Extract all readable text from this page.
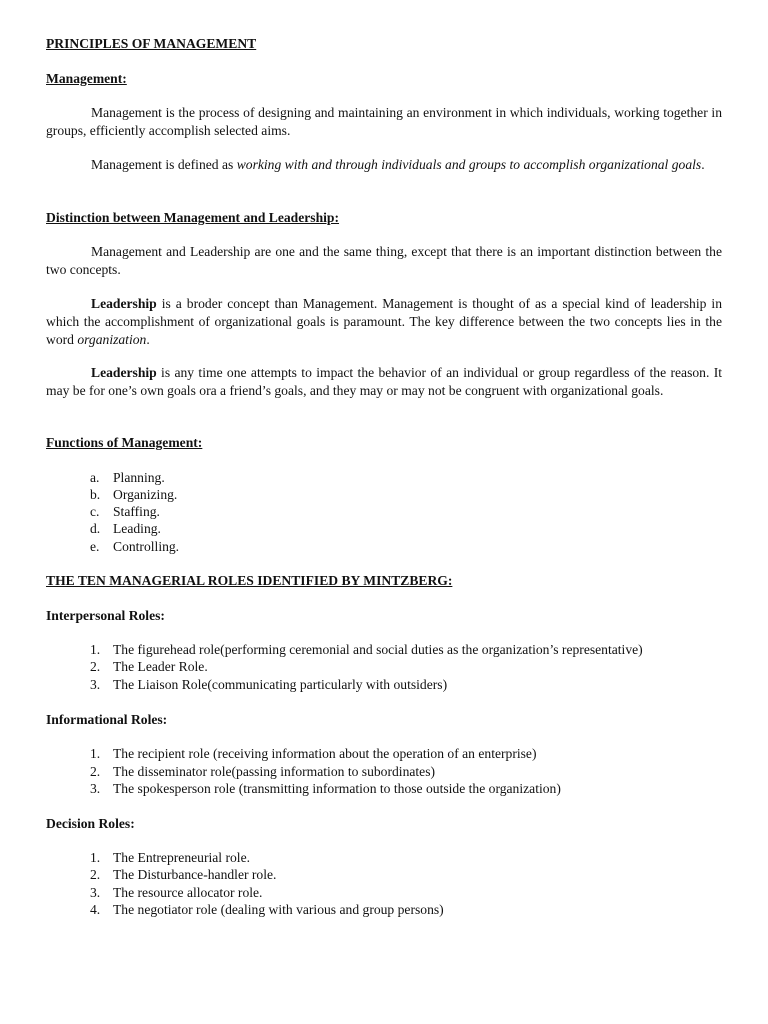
PRINCIPLES OF MANAGEMENT
Management:
Management is the process of designing and maintaining an environment in which individuals, working together in groups, efficiently accomplish selected aims.
Management is defined as working with and through individuals and groups to accomplish organizational goals.
Distinction between Management and Leadership:
Management and Leadership are one and the same thing, except that there is an important distinction between the two concepts.
Leadership is a broder concept than Management. Management is thought of as a special kind of leadership in which the accomplishment of organizational goals is paramount. The key difference between the two concepts lies in the word organization.
Leadership is any time one attempts to impact the behavior of an individual or group regardless of the reason. It may be for one’s own goals ora a friend’s goals, and they may or may not be congruent with organizational goals.
Functions of Management:
a. Planning.
b. Organizing.
c. Staffing.
d. Leading.
e. Controlling.
THE TEN MANAGERIAL ROLES IDENTIFIED BY MINTZBERG:
Interpersonal Roles:
1. The figurehead role(performing ceremonial and social duties as the organization’s representative)
2. The Leader Role.
3. The Liaison Role(communicating particularly with outsiders)
Informational Roles:
1. The recipient role (receiving information about the operation of an enterprise)
2. The disseminator role(passing information to subordinates)
3. The spokesperson role (transmitting information to those outside the organization)
Decision Roles:
1. The Entrepreneurial role.
2. The Disturbance-handler role.
3. The resource allocator role.
4. The negotiator role (dealing with various and group persons)
